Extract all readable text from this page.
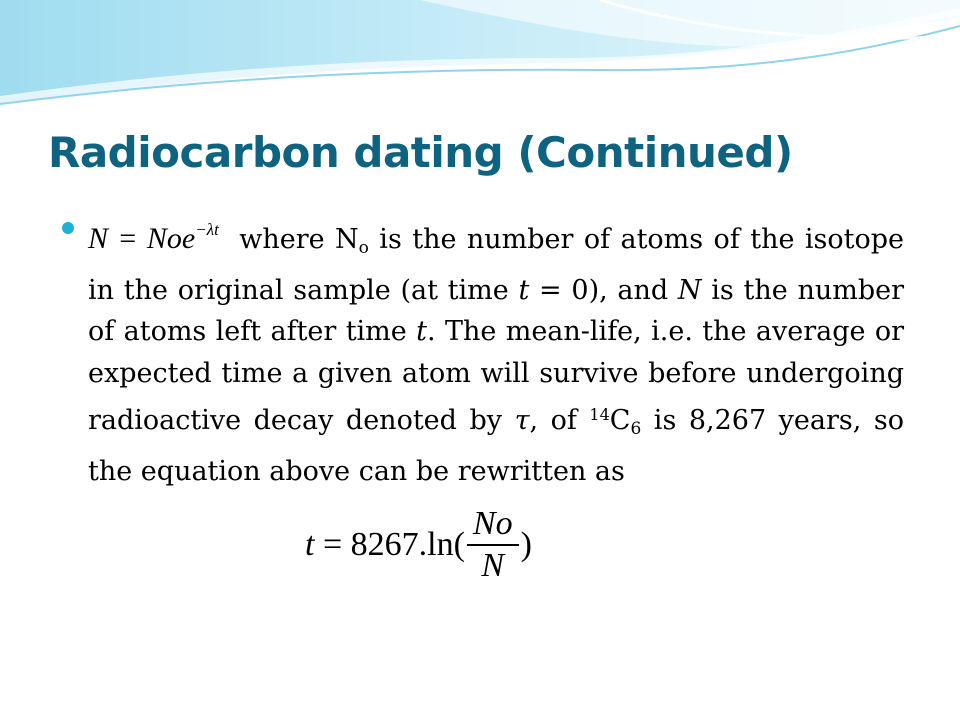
Radiocarbon dating (Continued)
N = Noe$^{-\lambda t}$ where $N_o$ is the number of atoms of the isotope in the original sample (at time t = 0), and N is the number of atoms left after time t. The mean-life, i.e. the average or expected time a given atom will survive before undergoing radioactive decay denoted by τ, of $^{14}C_6$ is 8,267 years, so the equation above can be rewritten as
$t = 8267.\ln( \frac{No}{N}$ )
